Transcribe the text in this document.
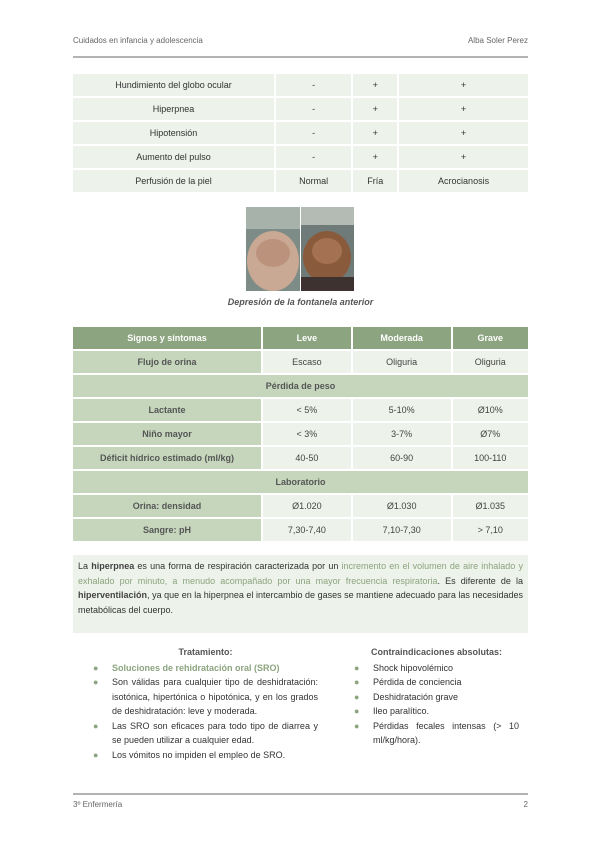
Cuidados en infancia y adolescencia	Alba Soler Perez
Hundimiento del globo ocular	-	+	+
Hiperpnea	-	+	+
Hipotensión	-	+	+
Aumento del pulso	-	+	+
Perfusión de la piel	Normal	Fría	Acrocianosis
Depresión de la fontanela anterior
Signos y síntomas	Leve	Moderada	Grave
Flujo de orina	Escaso	Oliguria	Oliguria
Pérdida de peso			
Lactante	< 5%	5-10%	Ø10%
Niño mayor	< 3%	3-7%	Ø7%
Déficit hídrico estimado (ml/kg)	40-50	60-90	100-110
Laboratorio			
Orina: densidad	Ø1.020	Ø1.030	Ø1.035
Sangre: pH	7,30-7,40	7,10-7,30	> 7,10
La hiperpnea es una forma de respiración caracterizada por un incremento en el volumen de aire inhalado y exhalado por minuto, a menudo acompañado por una mayor frecuencia respiratoria. Es diferente de la hiperventilación, ya que en la hiperpnea el intercambio de gases se mantiene adecuado para las necesidades metabólicas del cuerpo.
Tratamiento:
● Soluciones de rehidratación oral (SRO)
● Son válidas para cualquier tipo de deshidratación: isotónica, hipertónica o hipotónica, y en los grados de deshidratación: leve y moderada.
● Las SRO son eficaces para todo tipo de diarrea y se pueden utilizar a cualquier edad.
● Los vómitos no impiden el empleo de SRO.
Contraindicaciones absolutas:
● Shock hipovolémico
● Pérdida de conciencia
● Deshidratación grave
● Ileo paralítico.
● Pérdidas fecales intensas (> 10 ml/kg/hora).
3º Enfermería	2
